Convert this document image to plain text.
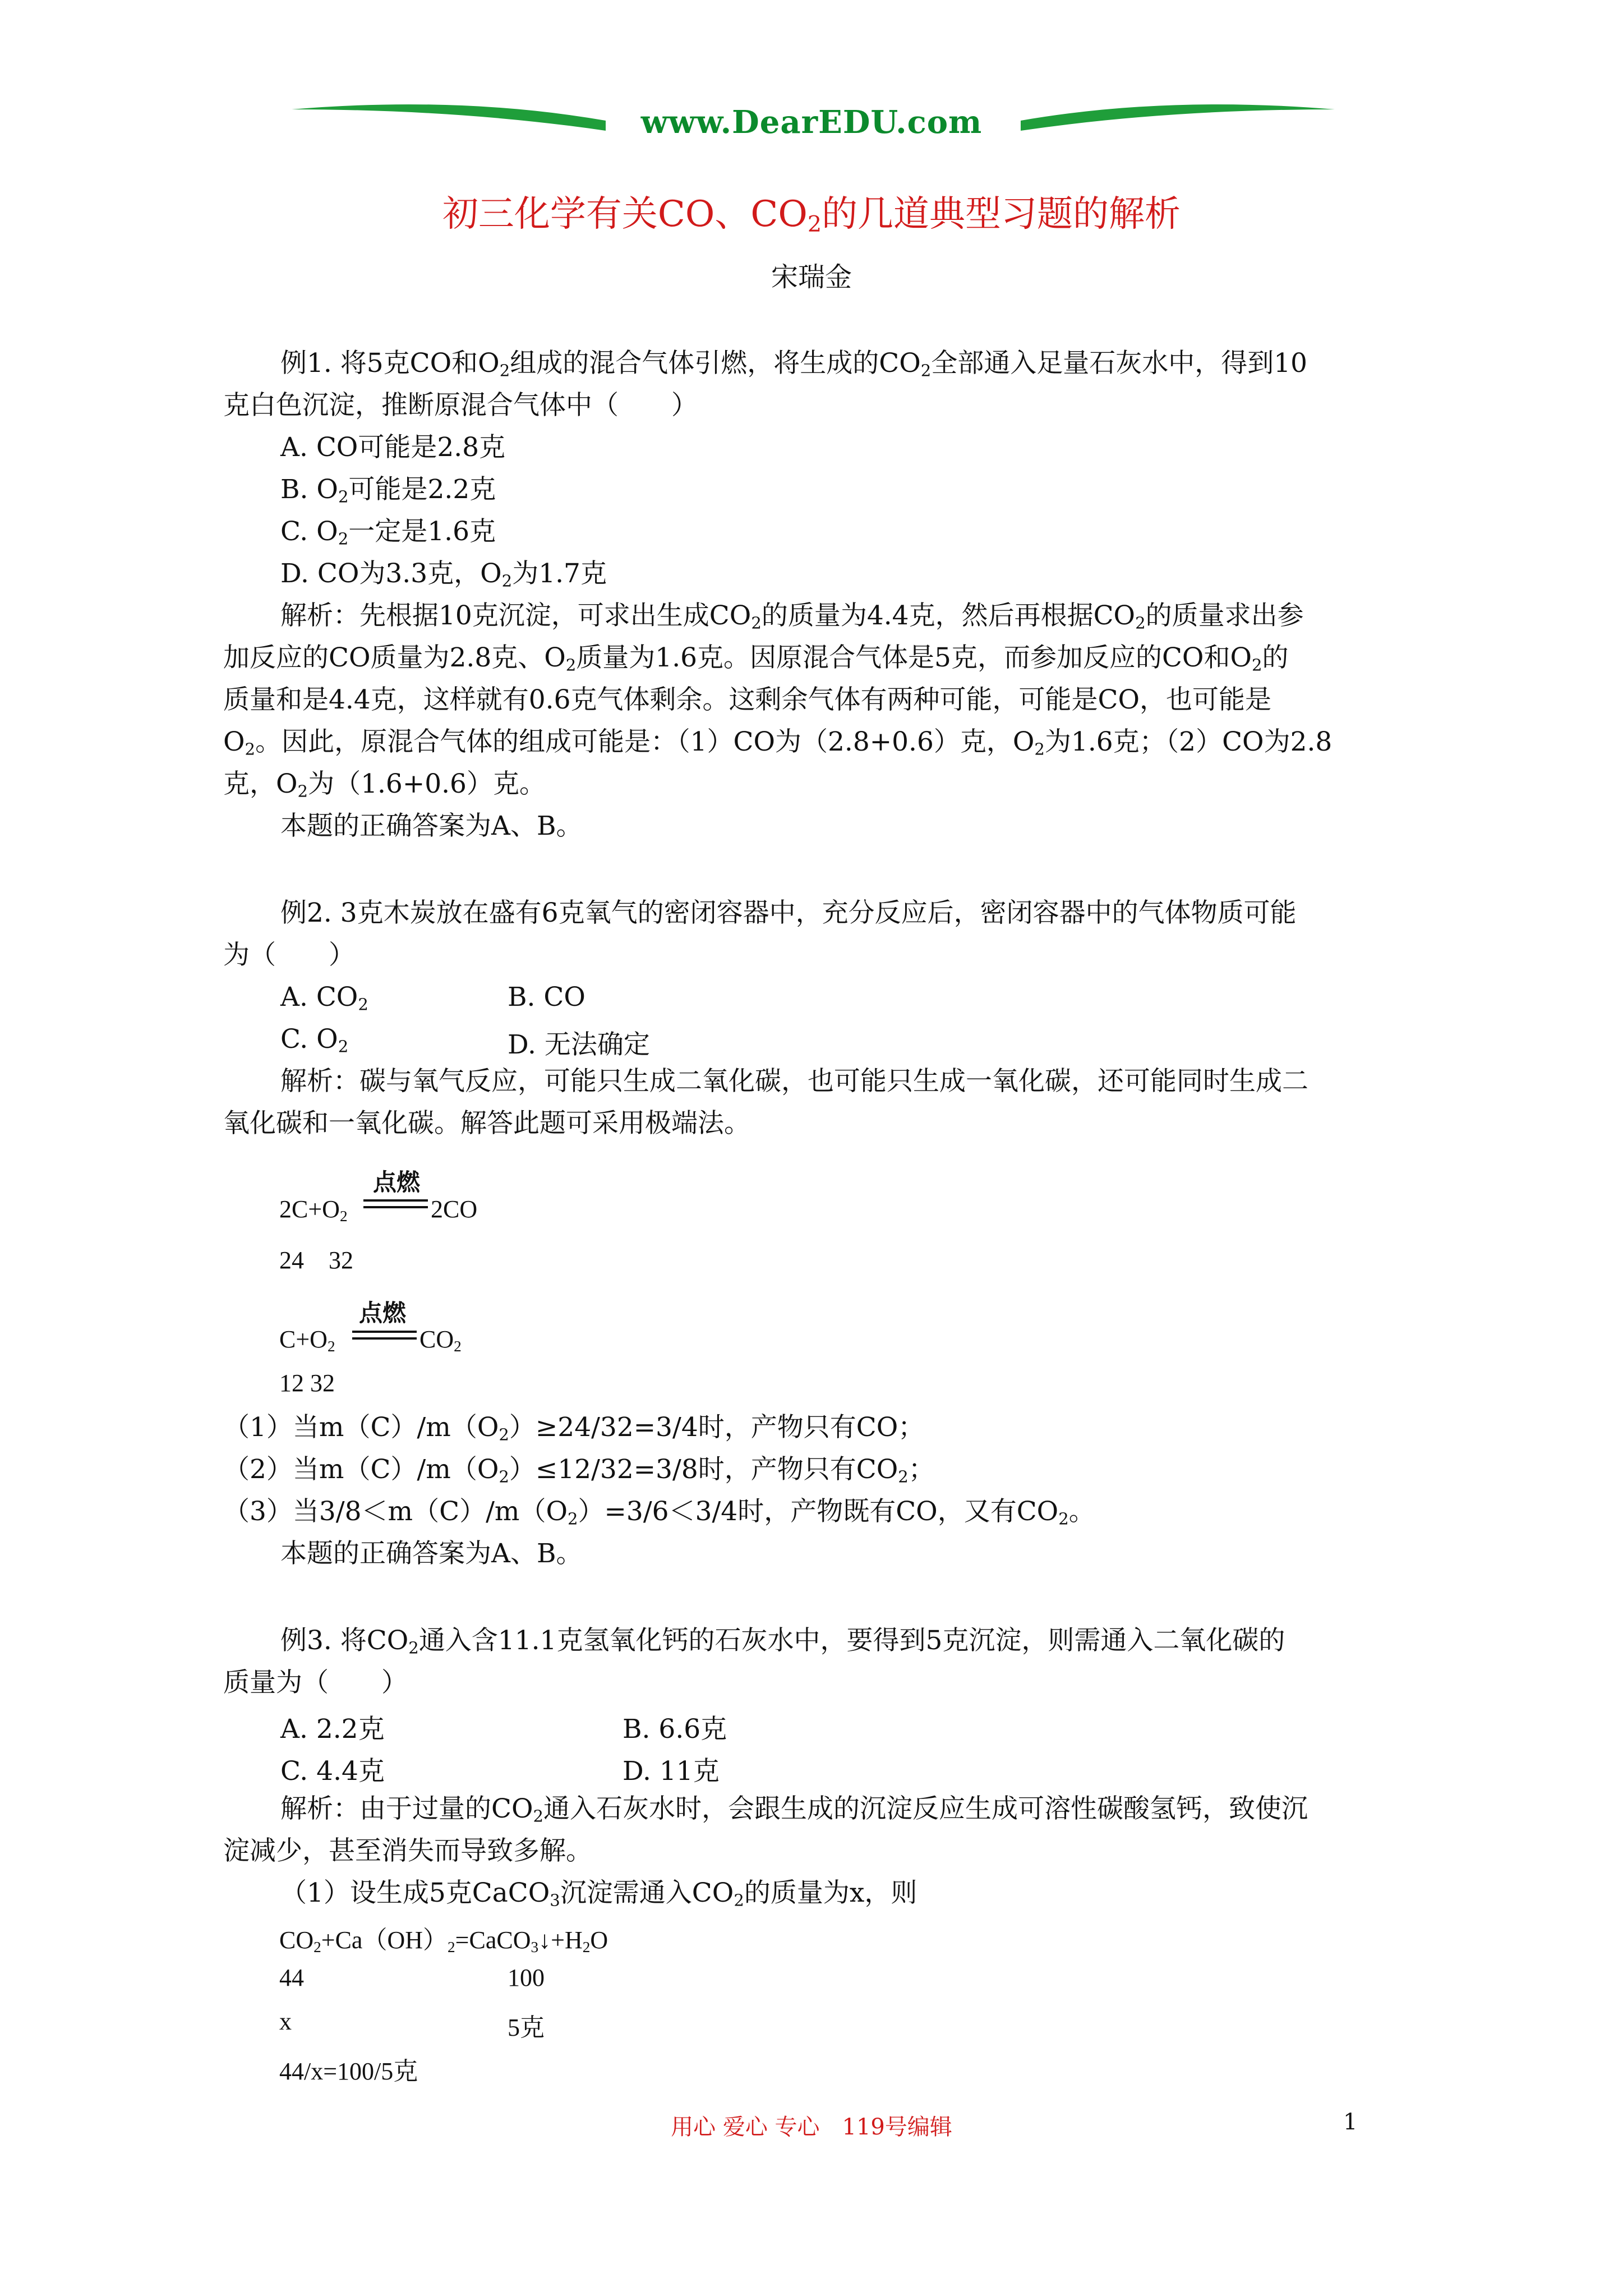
www.DearEDU.com
初三化学有关CO、$CO_2$的几道典型习题的解析
宋瑞金
例1. 将5克CO和$O_2$组成的混合气体引燃，将生成的$CO_2$全部通入足量石灰水中，得到10
克白色沉淀，推断原混合气体中（　　）
A. CO可能是2.8克
B. $O_2$可能是2.2克
C. $O_2$一定是1.6克
D. CO为3.3克，$O_2$为1.7克
解析：先根据10克沉淀，可求出生成$CO_2$的质量为4.4克，然后再根据$CO_2$的质量求出参
加反应的CO质量为2.8克、$O_2$质量为1.6克。因原混合气体是5克，而参加反应的CO和$O_2$的
质量和是4.4克，这样就有0.6克气体剩余。这剩余气体有两种可能，可能是CO，也可能是
$O_2$。因此，原混合气体的组成可能是：（1）CO为（2.8+0.6）克，$O_2$为1.6克；（2）CO为2.8
克，$O_2$为（1.6+0.6）克。
本题的正确答案为A、B。
例2. 3克木炭放在盛有6克氧气的密闭容器中，充分反应后，密闭容器中的气体物质可能
为（　　）
A. $CO_2$	B. CO
C. $O_2$	D. 无法确定
解析：碳与氧气反应，可能只生成二氧化碳，也可能只生成一氧化碳，还可能同时生成二
氧化碳和一氧化碳。解答此题可采用极端法。
点燃
$2C+O_2$	2CO
24　32
点燃
$C+O_2$	$CO_2$
12 32
（1）当$m(C)/m(O_2)\ge 24/32=3/4$时，产物只有CO；
（2）当$m(C)/m(O_2)\le 12/32=3/8$时，产物只有$CO_2$；
（3）当$3/8<m(C)/m(O_2)=3/6<3/4$时，产物既有CO，又有$CO_2$。
本题的正确答案为A、B。
例3. 将$CO_2$通入含11.1克氢氧化钙的石灰水中，要得到5克沉淀，则需通入二氧化碳的
质量为（　　）
A. 2.2克	B. 6.6克
C. 4.4克	D. 11克
解析：由于过量的$CO_2$通入石灰水时，会跟生成的沉淀反应生成可溶性碳酸氢钙，致使沉
淀减少，甚至消失而导致多解。
（1）设生成5克CaCO$_3$沉淀需通入$CO_2$的质量为x，则
$CO_2+Ca(OH)_2=CaCO_3↓+H_2O$
44	100
x	5克
44/x=100/5克
用心 爱心 专心　119号编辑	1
